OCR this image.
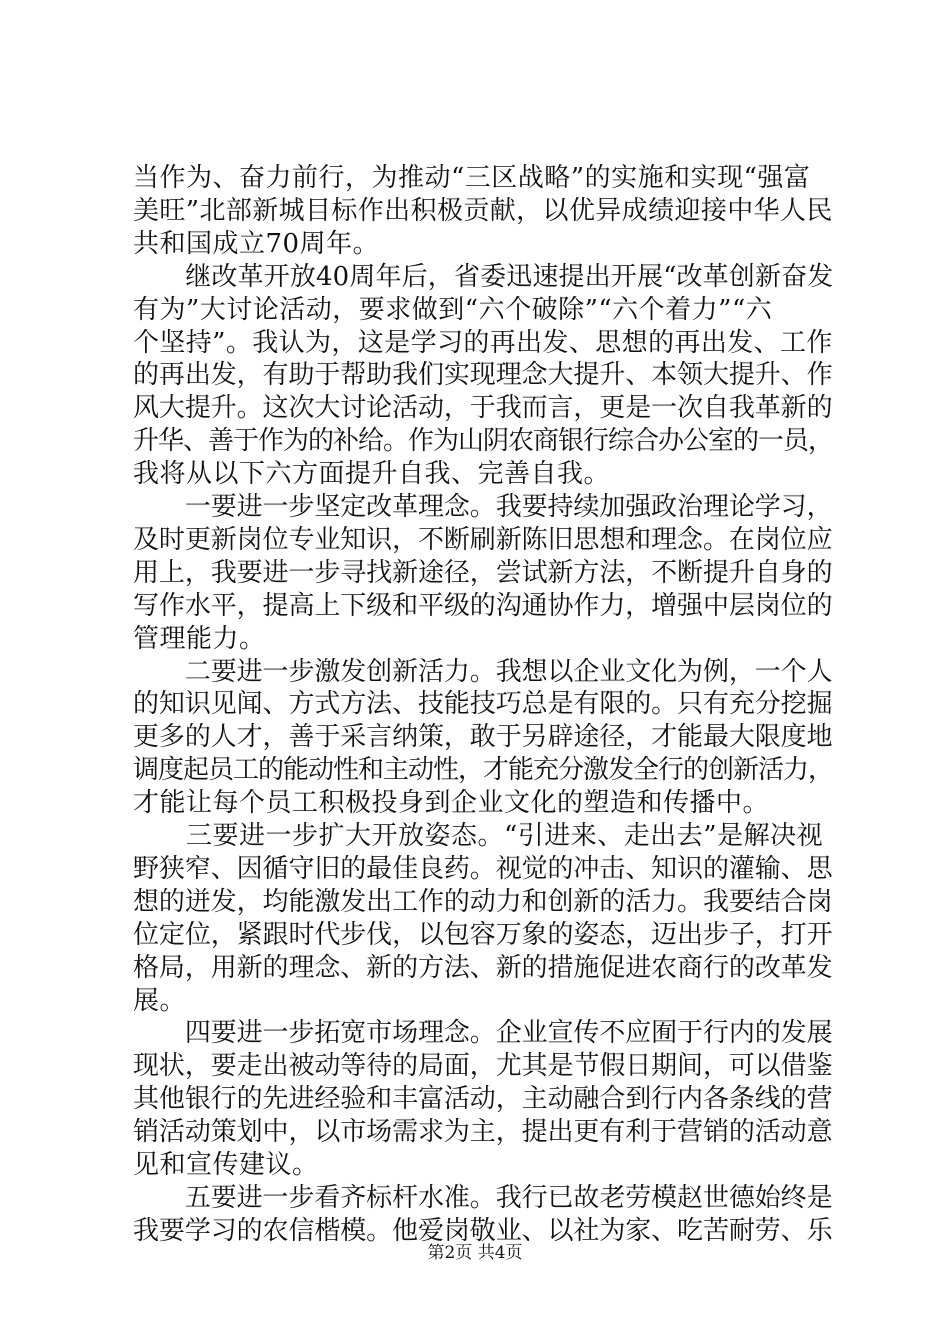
当作为、奋力前行，为推动“三区战略”的实施和实现“强富
美旺”北部新城目标作出积极贡献，以优异成绩迎接中华人民
共和国成立70周年。
　　继改革开放40周年后，省委迅速提出开展“改革创新奋发
有为”大讨论活动，要求做到“六个破除”“六个着力”“六
个坚持”。我认为，这是学习的再出发、思想的再出发、工作
的再出发，有助于帮助我们实现理念大提升、本领大提升、作
风大提升。这次大讨论活动，于我而言，更是一次自我革新的
升华、善于作为的补给。作为山阴农商银行综合办公室的一员，
我将从以下六方面提升自我、完善自我。
　　一要进一步坚定改革理念。我要持续加强政治理论学习，
及时更新岗位专业知识，不断刷新陈旧思想和理念。在岗位应
用上，我要进一步寻找新途径，尝试新方法，不断提升自身的
写作水平，提高上下级和平级的沟通协作力，增强中层岗位的
管理能力。
　　二要进一步激发创新活力。我想以企业文化为例，一个人
的知识见闻、方式方法、技能技巧总是有限的。只有充分挖掘
更多的人才，善于采言纳策，敢于另辟途径，才能最大限度地
调度起员工的能动性和主动性，才能充分激发全行的创新活力，
才能让每个员工积极投身到企业文化的塑造和传播中。
　　三要进一步扩大开放姿态。“引进来、走出去”是解决视
野狭窄、因循守旧的最佳良药。视觉的冲击、知识的灌输、思
想的迸发，均能激发出工作的动力和创新的活力。我要结合岗
位定位，紧跟时代步伐，以包容万象的姿态，迈出步子，打开
格局，用新的理念、新的方法、新的措施促进农商行的改革发
展。
　　四要进一步拓宽市场理念。企业宣传不应囿于行内的发展
现状，要走出被动等待的局面，尤其是节假日期间，可以借鉴
其他银行的先进经验和丰富活动，主动融合到行内各条线的营
销活动策划中，以市场需求为主，提出更有利于营销的活动意
见和宣传建议。
　　五要进一步看齐标杆水准。我行已故老劳模赵世德始终是
我要学习的农信楷模。他爱岗敬业、以社为家、吃苦耐劳、乐
第2页 共4页
